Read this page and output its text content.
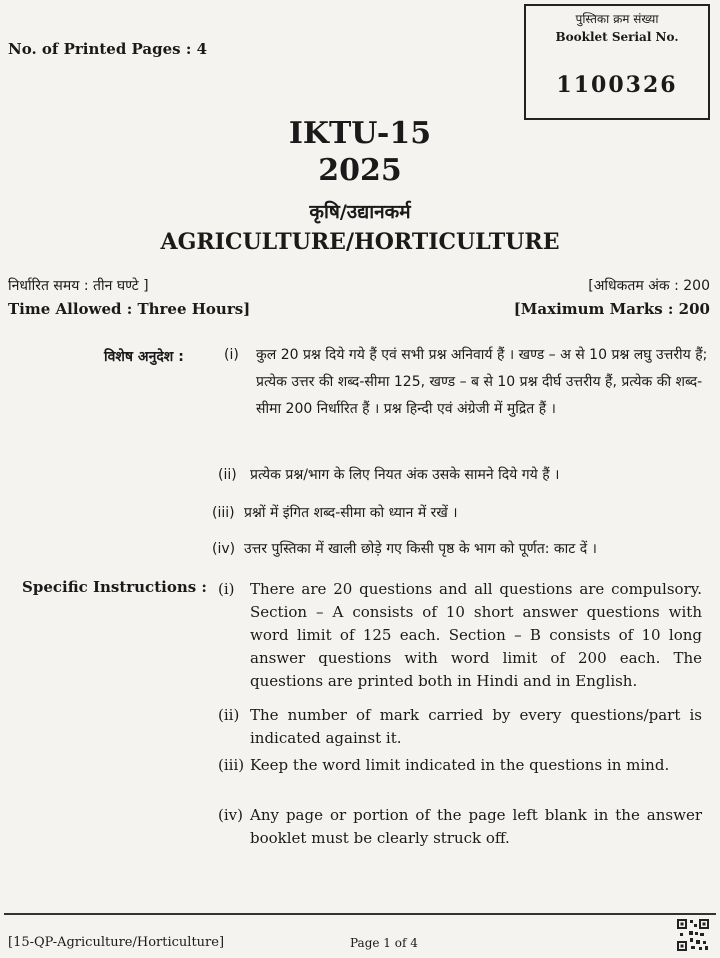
पुस्तिका क्रम संख्या
Booklet Serial No.
1100326
No. of Printed Pages : 4
IKTU-15
2025
कृषि/उद्यानकर्म
AGRICULTURE/HORTICULTURE
निर्धारित समय : तीन घण्टे ]	[अधिकतम अंक : 200
Time Allowed : Three Hours]	[Maximum Marks : 200
विशेष अनुदेश :	(i)	कुल 20 प्रश्न दिये गये हैं एवं सभी प्रश्न अनिवार्य हैं । खण्ड – अ से 10 प्रश्न लघु उत्तरीय हैं; प्रत्येक उत्तर की शब्द-सीमा 125, खण्ड – ब से 10 प्रश्न दीर्घ उत्तरीय हैं, प्रत्येक की शब्द-सीमा 200 निर्धारित हैं । प्रश्न हिन्दी एवं अंग्रेजी में मुद्रित हैं ।
(ii) प्रत्येक प्रश्न/भाग के लिए नियत अंक उसके सामने दिये गये हैं ।
(iii) प्रश्नों में इंगित शब्द-सीमा को ध्यान में रखें ।
(iv) उत्तर पुस्तिका में खाली छोड़े गए किसी पृष्ठ के भाग को पूर्णत: काट दें ।
Specific Instructions : (i)	There are 20 questions and all questions are compulsory. Section – A consists of 10 short answer questions with word limit of 125 each. Section – B consists of 10 long answer questions with word limit of 200 each. The questions are printed both in Hindi and in English.
(ii) The number of mark carried by every questions/part is indicated against it.
(iii) Keep the word limit indicated in the questions in mind.
(iv) Any page or portion of the page left blank in the answer booklet must be clearly struck off.
[15-QP-Agriculture/Horticulture]	Page 1 of 4
